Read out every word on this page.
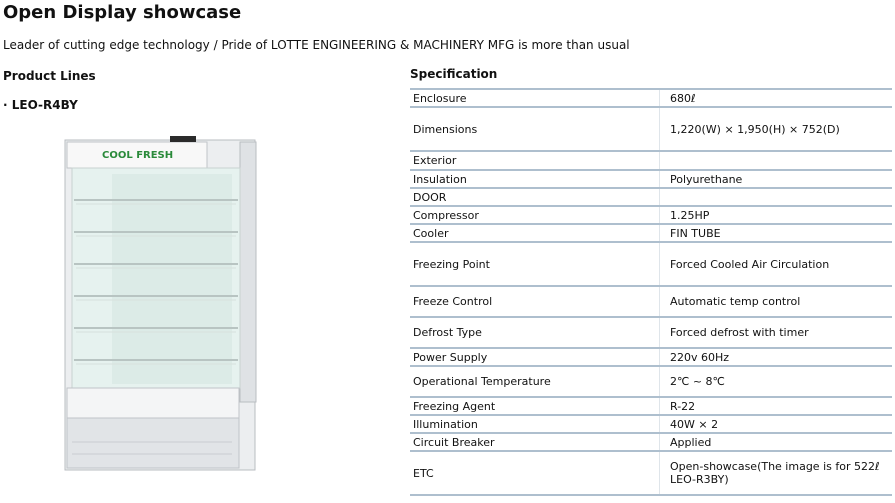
Open Display showcase

Leader of cutting edge technology / Pride of LOTTE ENGINEERING & MACHINERY MFG is more than usual

Product Lines
· LEO-R4BY
COOL FRESH
Specification
Enclosure	680ℓ
Dimensions	1,220(W) × 1,950(H) × 752(D)
Exterior	
Insulation	Polyurethane
DOOR	
Compressor	1.25HP
Cooler	FIN TUBE
Freezing Point	Forced Cooled Air Circulation
Freeze Control	Automatic temp control
Defrost Type	Forced defrost with timer
Power Supply	220v 60Hz
Operational Temperature	2℃ ~ 8℃
Freezing Agent	R-22
Illumination	40W × 2
Circuit Breaker	Applied
ETC	Open-showcase(The image is for 522ℓ LEO-R3BY)
